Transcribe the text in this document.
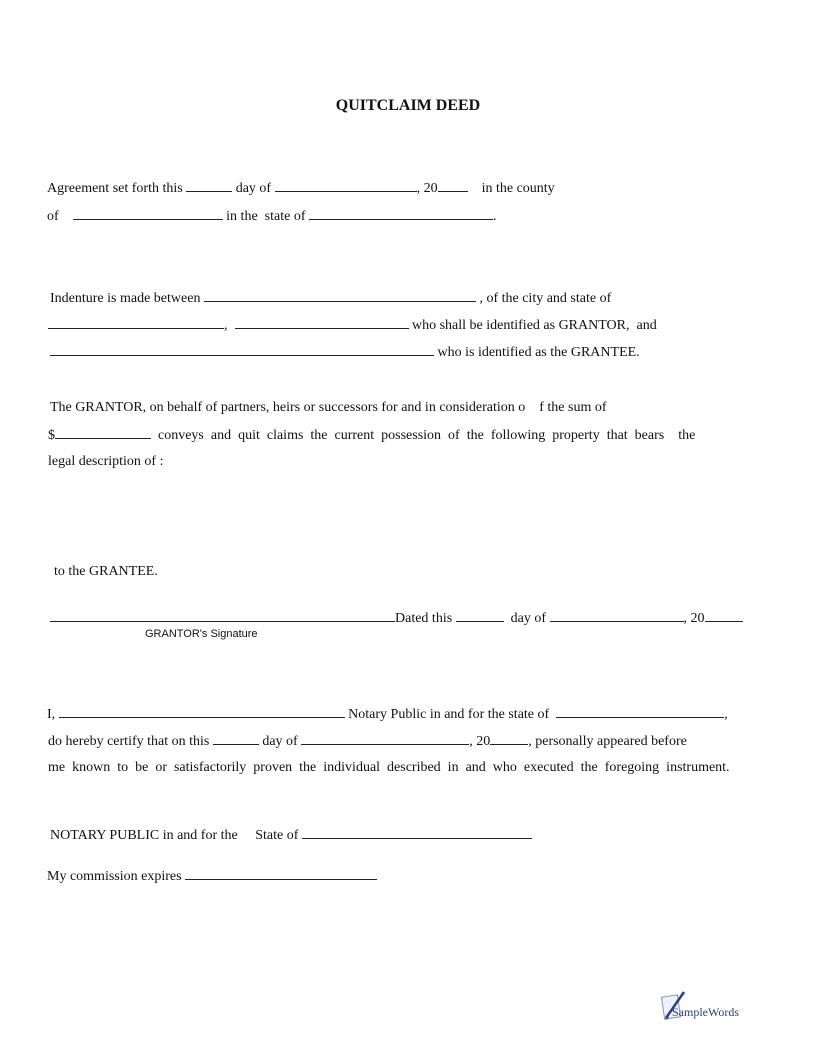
QUITCLAIM DEED
Agreement set forth this	day of	, 20	in the county
of	in the  state of	.
Indenture is made between	, of the city and state of
,	who shall be identified as GRANTOR,  and
who is identified as the GRANTEE.
The GRANTOR, on behalf of partners, heirs or successors for and in consideration o    f the sum of
$	conveys  and  quit  claims  the  current  possession  of  the  following  property  that  bears    the
legal description of :
to the GRANTEE.
Dated this	day of	, 20
GRANTOR's Signature
I,	Notary Public in and for the state of	,
do hereby certify that on this	day of	, 20	, personally appeared before
me  known  to  be  or  satisfactorily  proven  the  individual  described  in  and  who  executed  the  foregoing  instrument.
NOTARY PUBLIC in and for the     State of
My commission expires
SampleWords
